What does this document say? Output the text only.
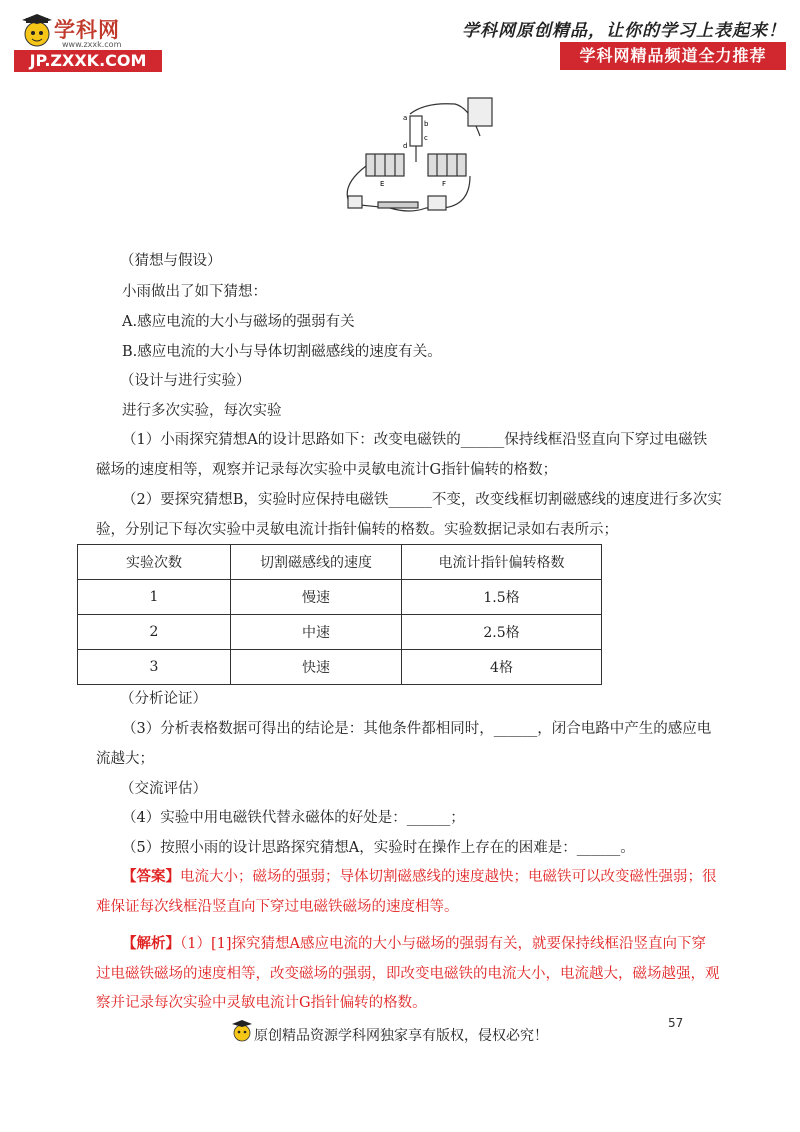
学科网
www.zxxk.com
JP.ZXXK.COM
学科网原创精品，让你的学习上表起来！
学科网精品频道全力推荐
a
b
c
d
E	F
（猜想与假设）
小雨做出了如下猜想：
A.感应电流的大小与磁场的强弱有关
B.感应电流的大小与导体切割磁感线的速度有关。
（设计与进行实验）
进行多次实验，每次实验
（1）小雨探究猜想A的设计思路如下：改变电磁铁的______保持线框沿竖直向下穿过电磁铁
磁场的速度相等，观察并记录每次实验中灵敏电流计G指针偏转的格数；
（2）要探究猜想B，实验时应保持电磁铁______不变，改变线框切割磁感线的速度进行多次实
验，分别记下每次实验中灵敏电流计指针偏转的格数。实验数据记录如右表所示；
实验次数	切割磁感线的速度	电流计指针偏转格数
1	慢速	1.5格
2	中速	2.5格
3	快速	4格
（分析论证）
（3）分析表格数据可得出的结论是：其他条件都相同时，______，闭合电路中产生的感应电
流越大；
（交流评估）
（4）实验中用电磁铁代替永磁体的好处是：______；
（5）按照小雨的设计思路探究猜想A，实验时在操作上存在的困难是：______。
【答案】电流大小；磁场的强弱；导体切割磁感线的速度越快；电磁铁可以改变磁性强弱；很
难保证每次线框沿竖直向下穿过电磁铁磁场的速度相等。
【解析】（1）[1]探究猜想A感应电流的大小与磁场的强弱有关，就要保持线框沿竖直向下穿
过电磁铁磁场的速度相等，改变磁场的强弱，即改变电磁铁的电流大小，电流越大，磁场越强，观
察并记录每次实验中灵敏电流计G指针偏转的格数。
57
原创精品资源学科网独家享有版权，侵权必究！
